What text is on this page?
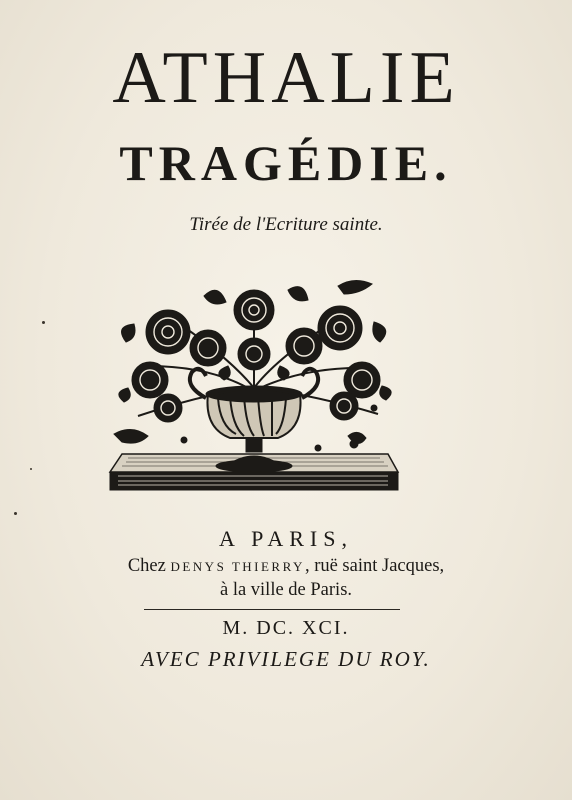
ATHALIE
TRAGÉDIE.
Tirée de l'Ecriture sainte.
A PARIS,
Chez DENYS THIERRY, ruë saint Jacques,
à la ville de Paris.
M. DC. XCI.
AVEC PRIVILEGE DU ROY.
